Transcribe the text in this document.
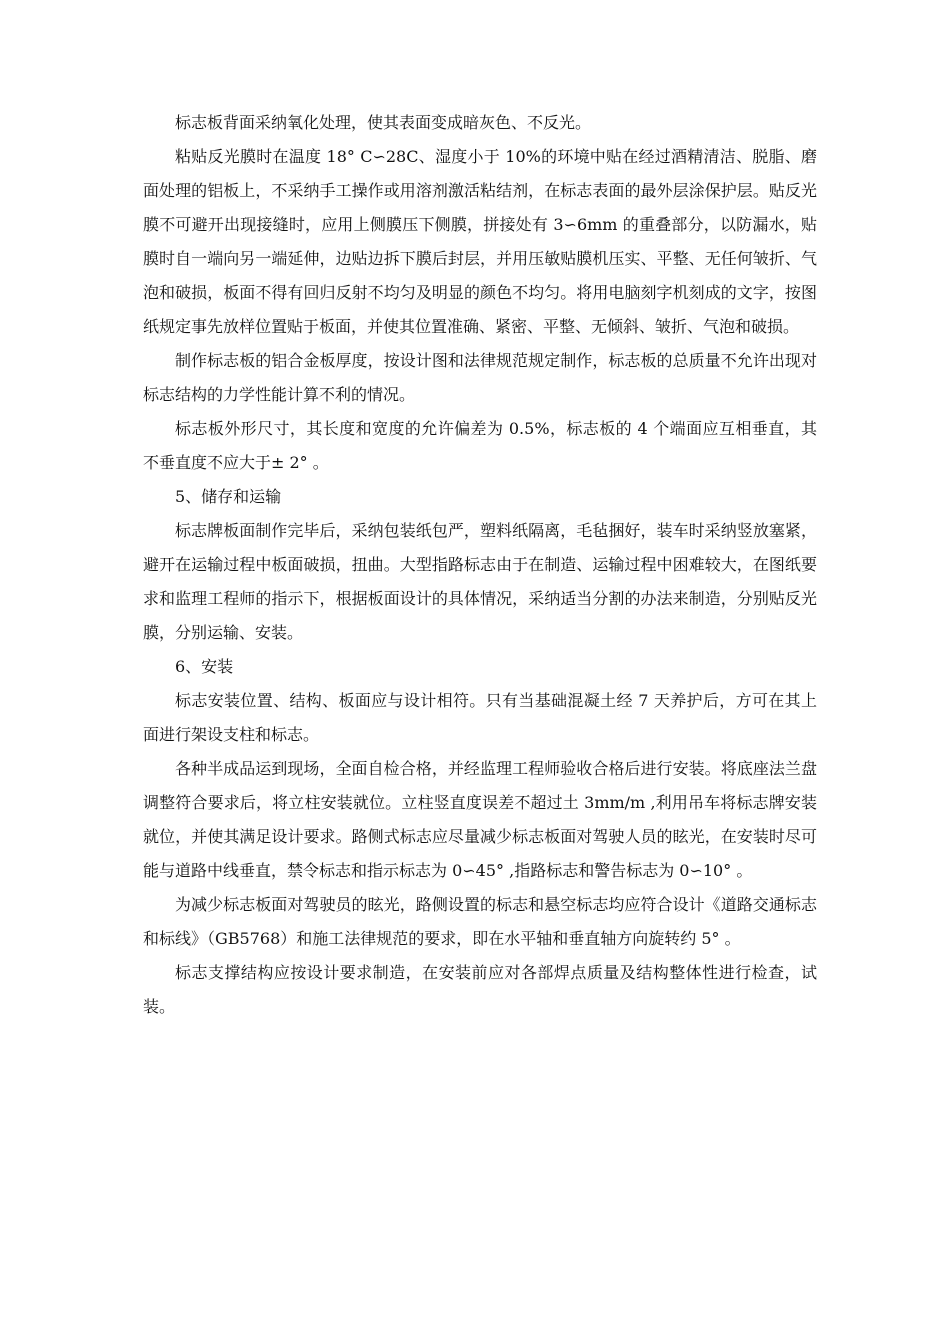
标志板背面采纳氧化处理，使其表面变成暗灰色、不反光。

粘贴反光膜时在温度 18° C∽28C、湿度小于 10%的环境中贴在经过酒精清洁、脱脂、磨面处理的铝板上，不采纳手工操作或用溶剂激活粘结剂，在标志表面的最外层涂保护层。贴反光膜不可避开出现接缝时，应用上侧膜压下侧膜，拼接处有 3∽6mm 的重叠部分，以防漏水，贴膜时自一端向另一端延伸，边贴边拆下膜后封层，并用压敏贴膜机压实、平整、无任何皱折、气泡和破损，板面不得有回归反射不均匀及明显的颜色不均匀。将用电脑刻字机刻成的文字，按图纸规定事先放样位置贴于板面，并使其位置准确、紧密、平整、无倾斜、皱折、气泡和破损。

制作标志板的铝合金板厚度，按设计图和法律规范规定制作，标志板的总质量不允许出现对标志结构的力学性能计算不利的情况。

标志板外形尺寸，其长度和宽度的允许偏差为 0.5%，标志板的 4 个端面应互相垂直，其不垂直度不应大于± 2° 。

5、储存和运输

标志牌板面制作完毕后，采纳包装纸包严，塑料纸隔离，毛毡捆好，装车时采纳竖放塞紧，避开在运输过程中板面破损，扭曲。大型指路标志由于在制造、运输过程中困难较大，在图纸要求和监理工程师的指示下，根据板面设计的具体情况，采纳适当分割的办法来制造，分别贴反光膜，分别运输、安装。

6、安装

标志安装位置、结构、板面应与设计相符。只有当基础混凝土经 7 天养护后，方可在其上面进行架设支柱和标志。

各种半成品运到现场，全面自检合格，并经监理工程师验收合格后进行安装。将底座法兰盘调整符合要求后，将立柱安装就位。立柱竖直度误差不超过土 3mm/m ,利用吊车将标志牌安装就位，并使其满足设计要求。路侧式标志应尽量减少标志板面对驾驶人员的眩光，在安装时尽可能与道路中线垂直，禁令标志和指示标志为 0∽45° ,指路标志和警告标志为 0∽10° 。

为减少标志板面对驾驶员的眩光，路侧设置的标志和悬空标志均应符合设计《道路交通标志和标线》（GB5768）和施工法律规范的要求，即在水平轴和垂直轴方向旋转约 5° 。

标志支撑结构应按设计要求制造，在安装前应对各部焊点质量及结构整体性进行检查，试装。
